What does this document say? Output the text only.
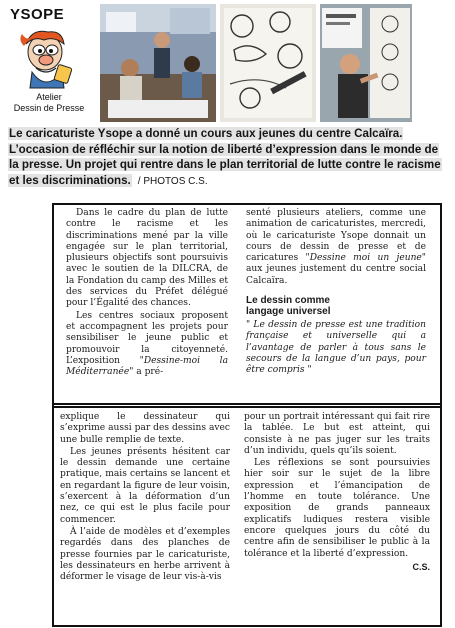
YSOPE
Atelier
Dessin de Presse
Le caricaturiste Ysope a donné un cours aux jeunes du centre Calcaïra. L’occasion de réfléchir sur la notion de liberté d’expression dans le monde de la presse. Un projet qui rentre dans le plan territorial de lutte contre le racisme et les discriminations. / PHOTOS C.S.

Dans le cadre du plan de lutte contre le racisme et les discriminations mené par la ville engagée sur le plan territorial, plusieurs objectifs sont poursuivis avec le soutien de la DILCRA, de la Fondation du camp des Milles et des services du Préfet délégué pour l’Égalité des chances.

Les centres sociaux proposent et accompagnent les projets pour sensibiliser le jeune public et promouvoir la citoyenneté. L’exposition "Dessine-moi la Méditerranée" a pré-

senté plusieurs ateliers, comme une animation de caricaturistes, mercredi, où le caricaturiste Ysope donnait un cours de dessin de presse et de caricatures "Dessine moi un jeune" aux jeunes justement du centre social Calcaïra.

Le dessin comme
langage universel

" Le dessin de presse est une tradition française et universelle qui a l’avantage de parler à tous sans le secours de la langue d’un pays, pour être compris "

explique le dessinateur qui s’exprime aussi par des dessins avec une bulle remplie de texte.

Les jeunes présents hésitent car le dessin demande une certaine pratique, mais certains se lancent et en regardant la figure de leur voisin, s’exercent à la déformation d’un nez, ce qui est le plus facile pour commencer.

À l’aide de modèles et d’exemples regardés dans des planches de presse fournies par le caricaturiste, les dessinateurs en herbe arrivent à déformer le visage de leur vis-à-vis

pour un portrait intéressant qui fait rire la tablée. Le but est atteint, qui consiste à ne pas juger sur les traits d’un individu, quels qu’ils soient.

Les réflexions se sont poursuivies hier soir sur le sujet de la libre expression et l’émancipation de l’homme en toute tolérance. Une exposition de grands panneaux explicatifs ludiques restera visible encore quelques jours du côté du centre afin de sensibiliser le public à la tolérance et la liberté d’expression.

C.S.
